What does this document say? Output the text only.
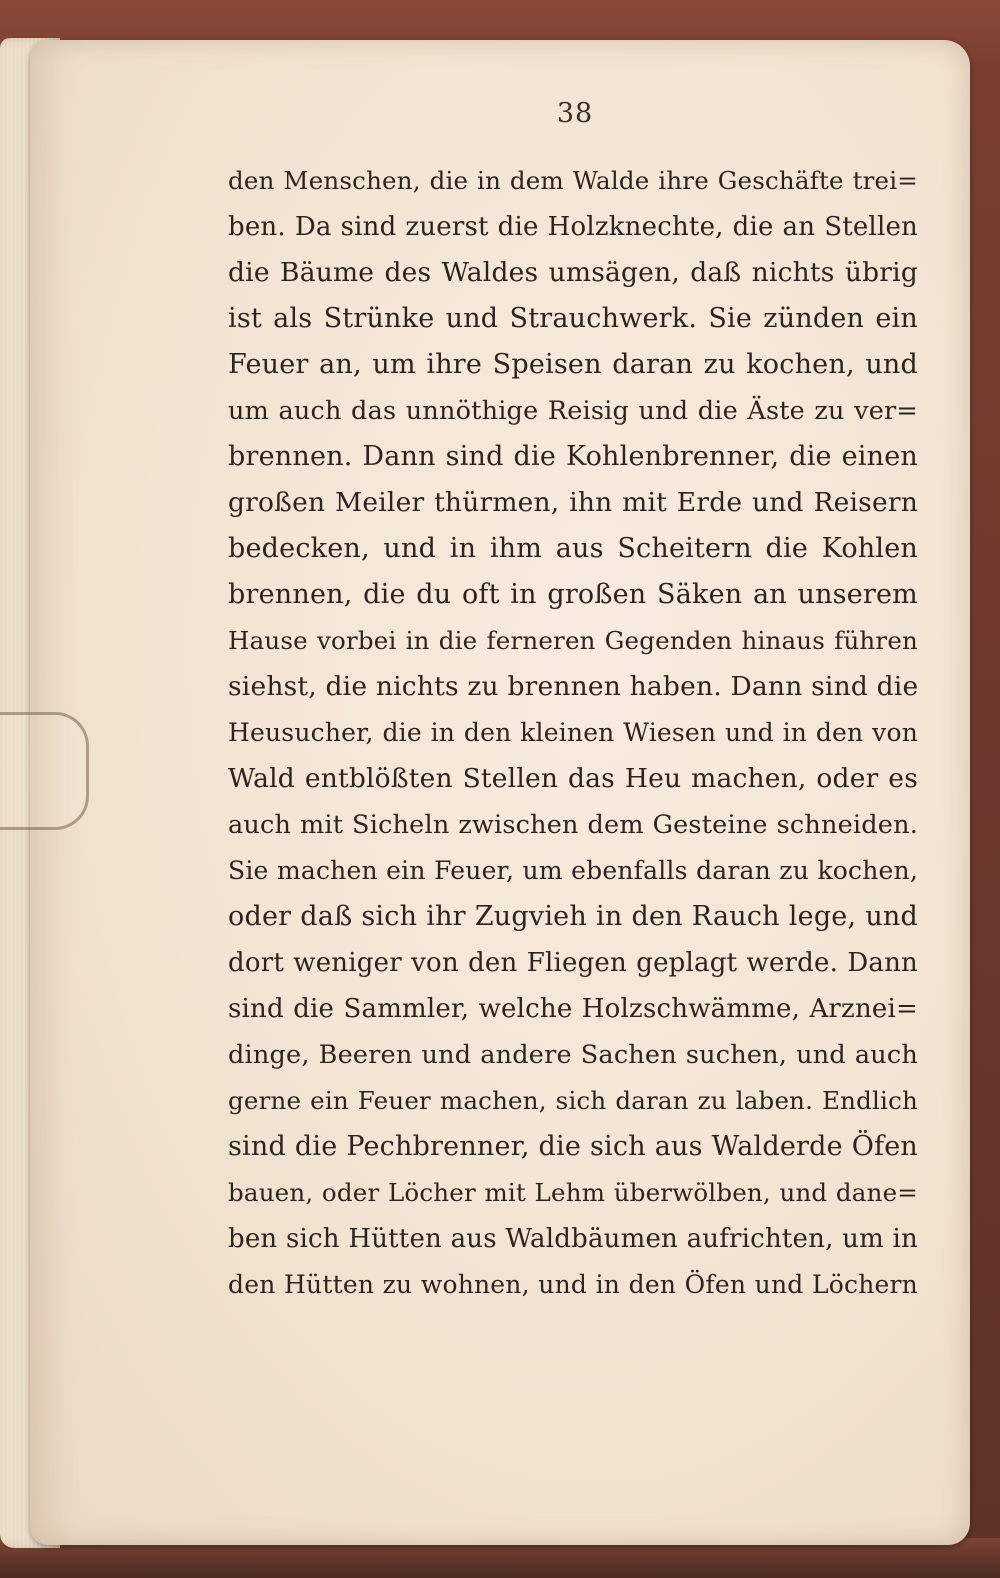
38
den Menschen, die in dem Walde ihre Geschäfte trei=
ben. Da sind zuerst die Holzknechte, die an Stellen
die Bäume des Waldes umsägen, daß nichts übrig
ist als Strünke und Strauchwerk. Sie zünden ein
Feuer an, um ihre Speisen daran zu kochen, und
um auch das unnöthige Reisig und die Äste zu ver=
brennen. Dann sind die Kohlenbrenner, die einen
großen Meiler thürmen, ihn mit Erde und Reisern
bedecken, und in ihm aus Scheitern die Kohlen
brennen, die du oft in großen Säken an unserem
Hause vorbei in die ferneren Gegenden hinaus führen
siehst, die nichts zu brennen haben. Dann sind die
Heusucher, die in den kleinen Wiesen und in den von
Wald entblößten Stellen das Heu machen, oder es
auch mit Sicheln zwischen dem Gesteine schneiden.
Sie machen ein Feuer, um ebenfalls daran zu kochen,
oder daß sich ihr Zugvieh in den Rauch lege, und
dort weniger von den Fliegen geplagt werde. Dann
sind die Sammler, welche Holzschwämme, Arznei=
dinge, Beeren und andere Sachen suchen, und auch
gerne ein Feuer machen, sich daran zu laben. Endlich
sind die Pechbrenner, die sich aus Walderde Öfen
bauen, oder Löcher mit Lehm überwölben, und dane=
ben sich Hütten aus Waldbäumen aufrichten, um in
den Hütten zu wohnen, und in den Öfen und Löchern
